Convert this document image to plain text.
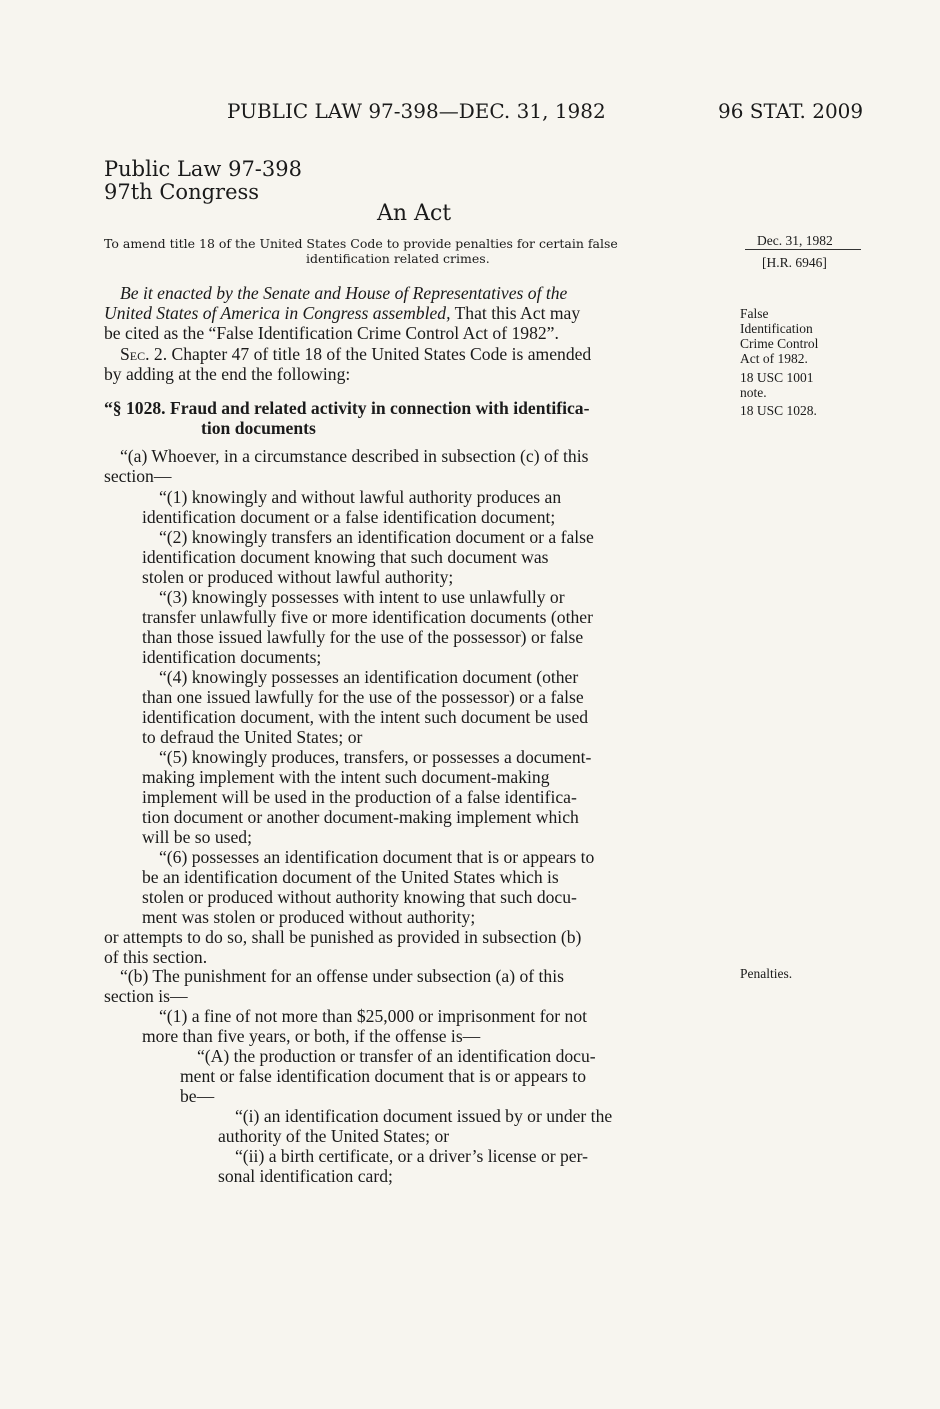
PUBLIC LAW 97-398—DEC. 31, 1982	96 STAT. 2009
Public Law 97-398
97th Congress
An Act
To amend title 18 of the United States Code to provide penalties for certain false
identification related crimes.
Dec. 31, 1982
[H.R. 6946]
False
Identification
Crime Control
Act of 1982.
18 USC 1001
note.
18 USC 1028.
Penalties.
Be it enacted by the Senate and House of Representatives of the
United States of America in Congress assembled, That this Act may
be cited as the “False Identification Crime Control Act of 1982”.
Sec. 2. Chapter 47 of title 18 of the United States Code is amended
by adding at the end the following:
“§ 1028. Fraud and related activity in connection with identifica-
tion documents
“(a) Whoever, in a circumstance described in subsection (c) of this
section—
“(1) knowingly and without lawful authority produces an
identification document or a false identification document;
“(2) knowingly transfers an identification document or a false
identification document knowing that such document was
stolen or produced without lawful authority;
“(3) knowingly possesses with intent to use unlawfully or
transfer unlawfully five or more identification documents (other
than those issued lawfully for the use of the possessor) or false
identification documents;
“(4) knowingly possesses an identification document (other
than one issued lawfully for the use of the possessor) or a false
identification document, with the intent such document be used
to defraud the United States; or
“(5) knowingly produces, transfers, or possesses a document-
making implement with the intent such document-making
implement will be used in the production of a false identifica-
tion document or another document-making implement which
will be so used;
“(6) possesses an identification document that is or appears to
be an identification document of the United States which is
stolen or produced without authority knowing that such docu-
ment was stolen or produced without authority;
or attempts to do so, shall be punished as provided in subsection (b)
of this section.
“(b) The punishment for an offense under subsection (a) of this
section is—
“(1) a fine of not more than $25,000 or imprisonment for not
more than five years, or both, if the offense is—
“(A) the production or transfer of an identification docu-
ment or false identification document that is or appears to
be—
“(i) an identification document issued by or under the
authority of the United States; or
“(ii) a birth certificate, or a driver’s license or per-
sonal identification card;
